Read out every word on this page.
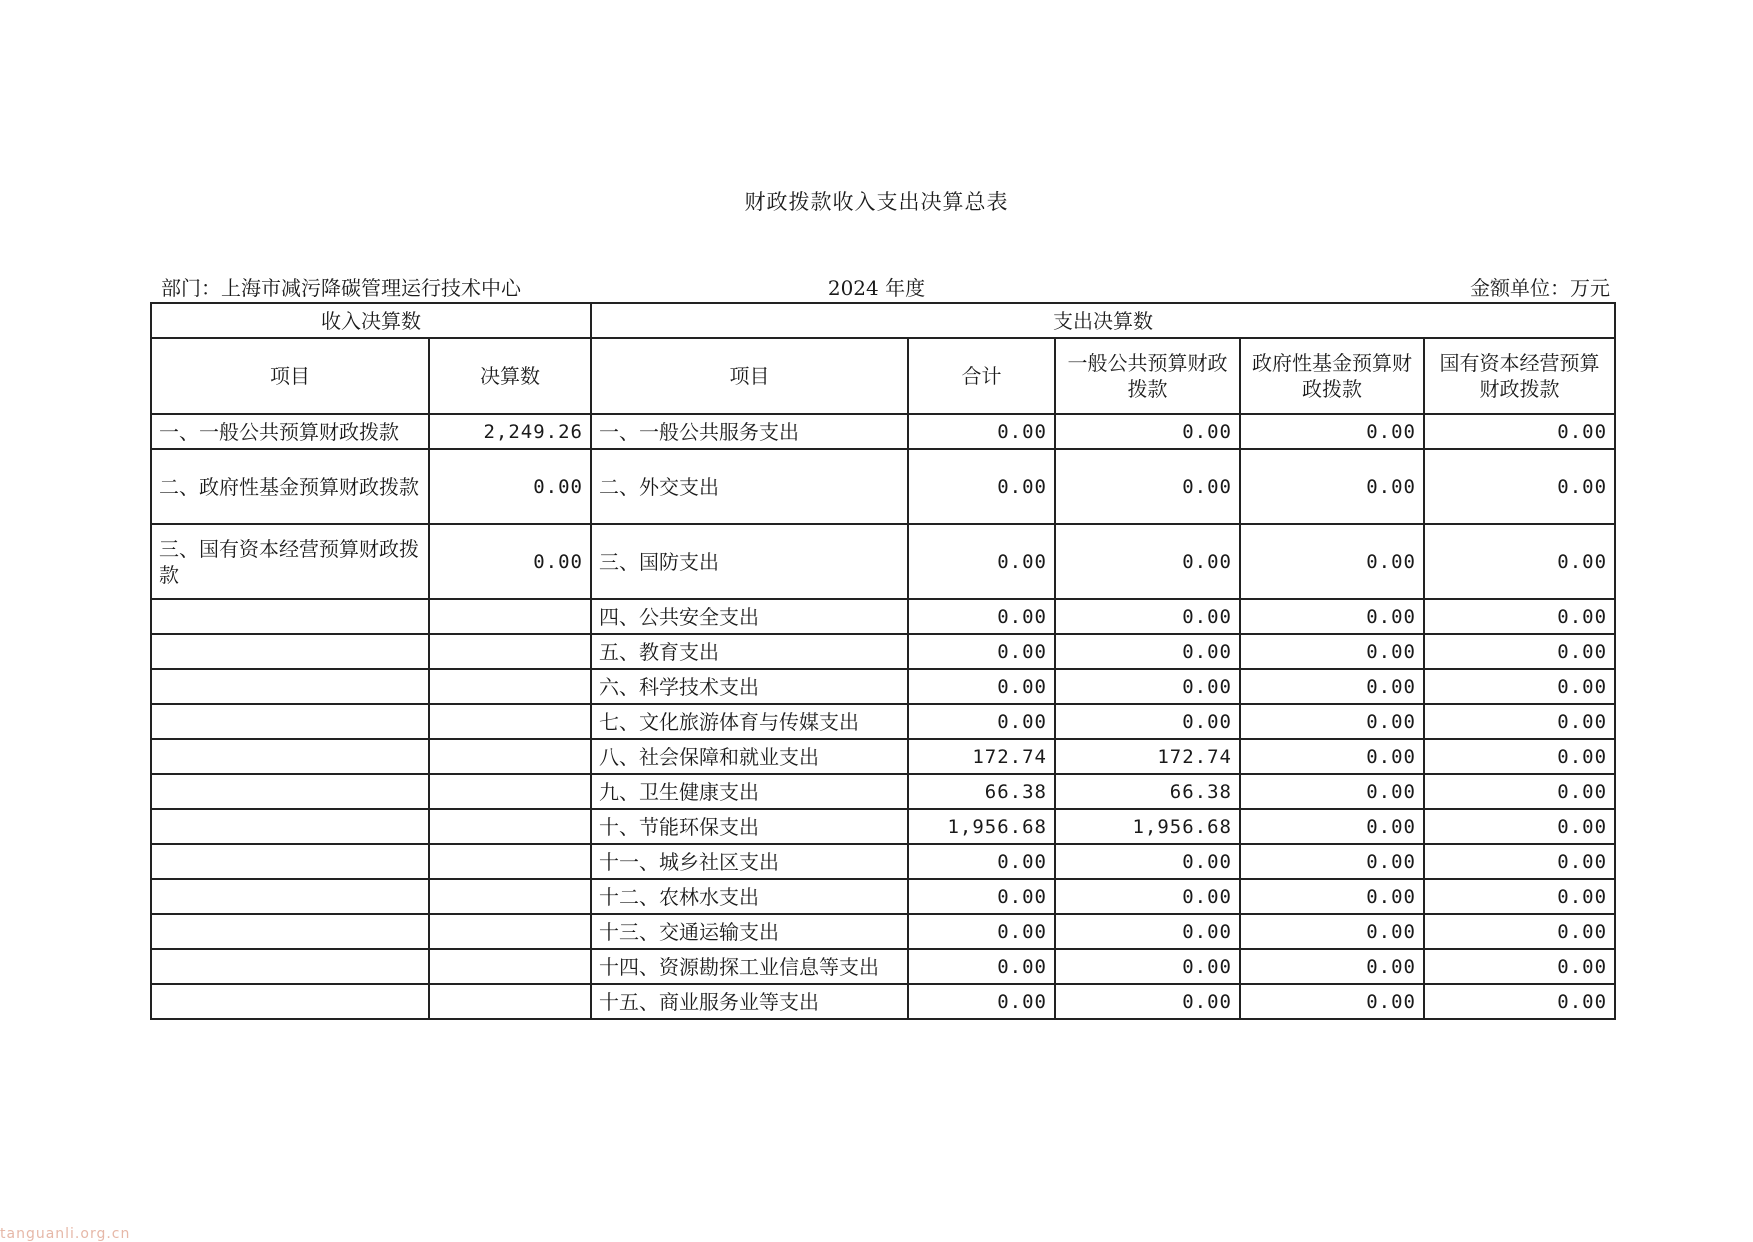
财政拨款收入支出决算总表
部门：上海市减污降碳管理运行技术中心	2024 年度	金额单位：万元
收入决算数		支出决算数				
项目	决算数	项目	合计	一般公共预算财政拨款	政府性基金预算财政拨款	国有资本经营预算财政拨款
一、一般公共预算财政拨款	2,249.26	一、一般公共服务支出	0.00	0.00	0.00	0.00
二、政府性基金预算财政拨款	0.00	二、外交支出	0.00	0.00	0.00	0.00
三、国有资本经营预算财政拨款	0.00	三、国防支出	0.00	0.00	0.00	0.00
		四、公共安全支出	0.00	0.00	0.00	0.00
		五、教育支出	0.00	0.00	0.00	0.00
		六、科学技术支出	0.00	0.00	0.00	0.00
		七、文化旅游体育与传媒支出	0.00	0.00	0.00	0.00
		八、社会保障和就业支出	172.74	172.74	0.00	0.00
		九、卫生健康支出	66.38	66.38	0.00	0.00
		十、节能环保支出	1,956.68	1,956.68	0.00	0.00
		十一、城乡社区支出	0.00	0.00	0.00	0.00
		十二、农林水支出	0.00	0.00	0.00	0.00
		十三、交通运输支出	0.00	0.00	0.00	0.00
		十四、资源勘探工业信息等支出	0.00	0.00	0.00	0.00
		十五、商业服务业等支出	0.00	0.00	0.00	0.00
tanguanli.org.cn
